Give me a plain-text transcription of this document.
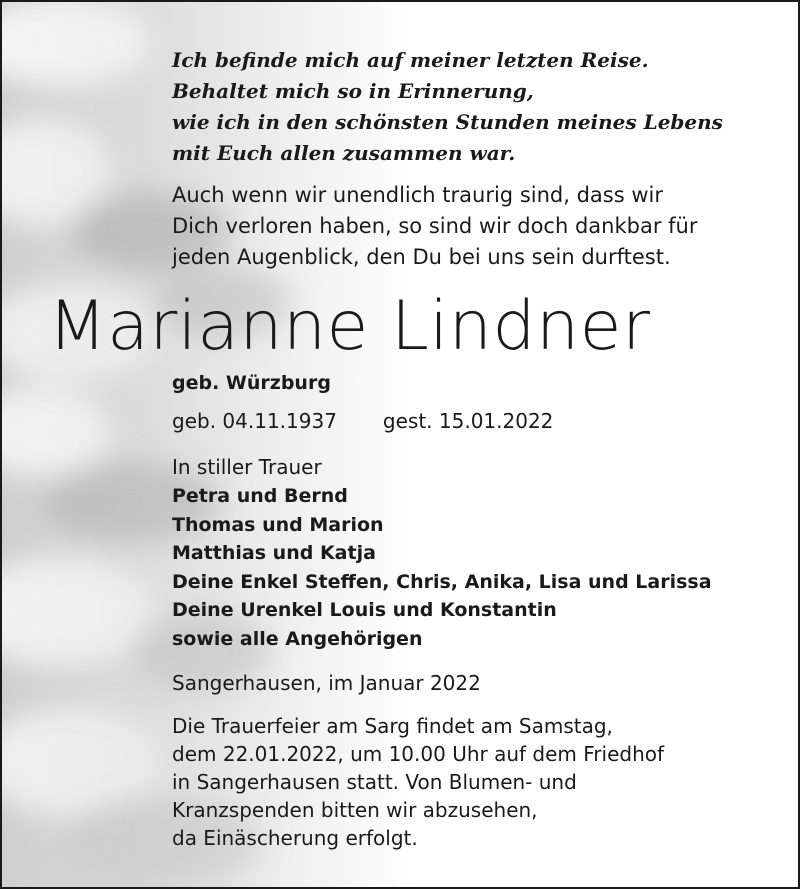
Ich befinde mich auf meiner letzten Reise.
Behaltet mich so in Erinnerung,
wie ich in den schönsten Stunden meines Lebens
mit Euch allen zusammen war.
Auch wenn wir unendlich traurig sind, dass wir
Dich verloren haben, so sind wir doch dankbar für
jeden Augenblick, den Du bei uns sein durftest.
Marianne Lindner
geb. Würzburg
geb. 04.11.1937 gest. 15.01.2022
In stiller Trauer
Petra und Bernd
Thomas und Marion
Matthias und Katja
Deine Enkel Steffen, Chris, Anika, Lisa und Larissa
Deine Urenkel Louis und Konstantin
sowie alle Angehörigen
Sangerhausen, im Januar 2022
Die Trauerfeier am Sarg findet am Samstag,
dem 22.01.2022, um 10.00 Uhr auf dem Friedhof
in Sangerhausen statt. Von Blumen- und
Kranzspenden bitten wir abzusehen,
da Einäscherung erfolgt.
